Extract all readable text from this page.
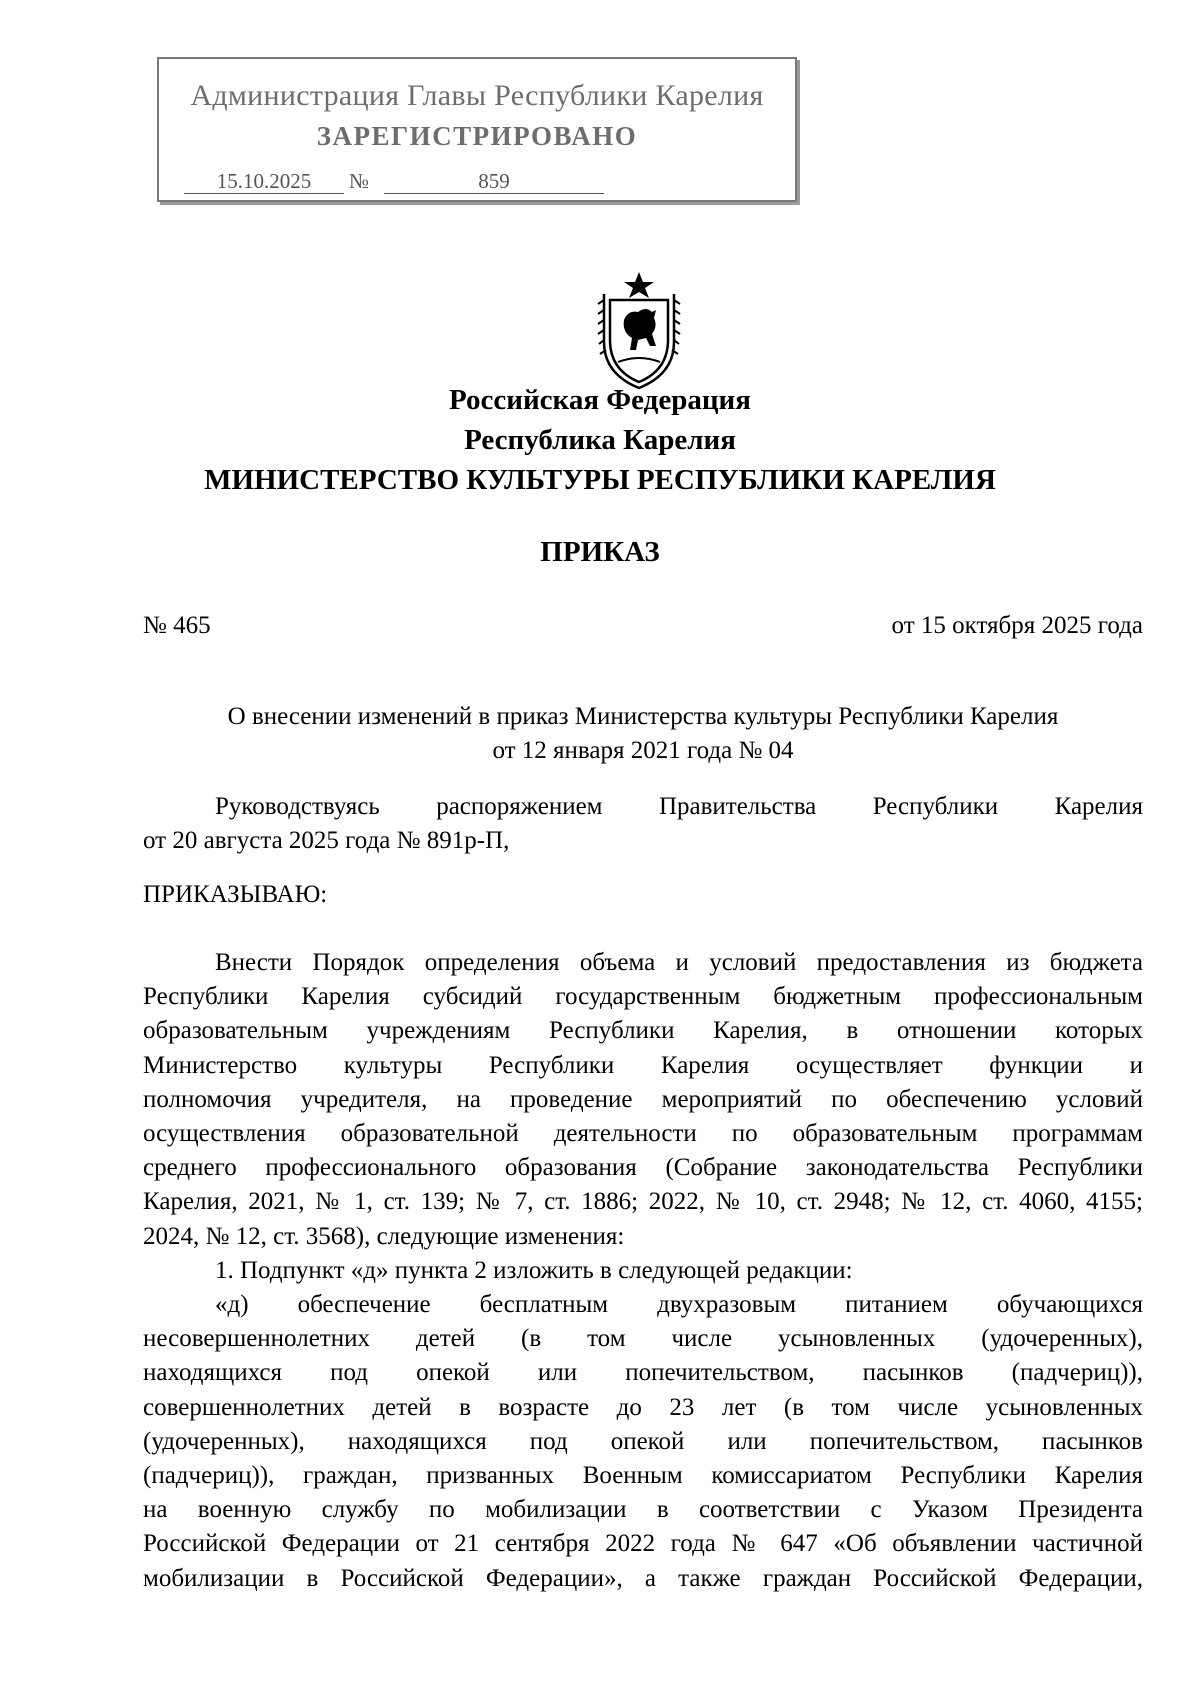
Администрация Главы Республики Карелия
ЗАРЕГИСТРИРОВАНО
15.10.2025	№	859
Российская Федерация
Республика Карелия
МИНИСТЕРСТВО КУЛЬТУРЫ РЕСПУБЛИКИ КАРЕЛИЯ
ПРИКАЗ
№ 465	от 15 октября 2025 года
О внесении изменений в приказ Министерства культуры Республики Карелия
от 12 января 2021 года № 04
Руководствуясь распоряжением Правительства Республики Карелия
от 20 августа 2025 года № 891р-П,
ПРИКАЗЫВАЮ:
Внести Порядок определения объема и условий предоставления из бюджета
Республики Карелия субсидий государственным бюджетным профессиональным
образовательным учреждениям Республики Карелия, в отношении которых
Министерство культуры Республики Карелия осуществляет функции и
полномочия учредителя, на проведение мероприятий по обеспечению условий
осуществления образовательной деятельности по образовательным программам
среднего профессионального образования (Собрание законодательства Республики
Карелия, 2021, № 1, ст. 139; № 7, ст. 1886; 2022, № 10, ст. 2948; № 12, ст. 4060, 4155;
2024, № 12, ст. 3568), следующие изменения:
1. Подпункт «д» пункта 2 изложить в следующей редакции:
«д) обеспечение бесплатным двухразовым питанием обучающихся
несовершеннолетних детей (в том числе усыновленных (удочеренных),
находящихся под опекой или попечительством, пасынков (падчериц)),
совершеннолетних детей в возрасте до 23 лет (в том числе усыновленных
(удочеренных), находящихся под опекой или попечительством, пасынков
(падчериц)), граждан, призванных Военным комиссариатом Республики Карелия
на военную службу по мобилизации в соответствии с Указом Президента
Российской Федерации от 21 сентября 2022 года № 647 «Об объявлении частичной
мобилизации в Российской Федерации», а также граждан Российской Федерации,
